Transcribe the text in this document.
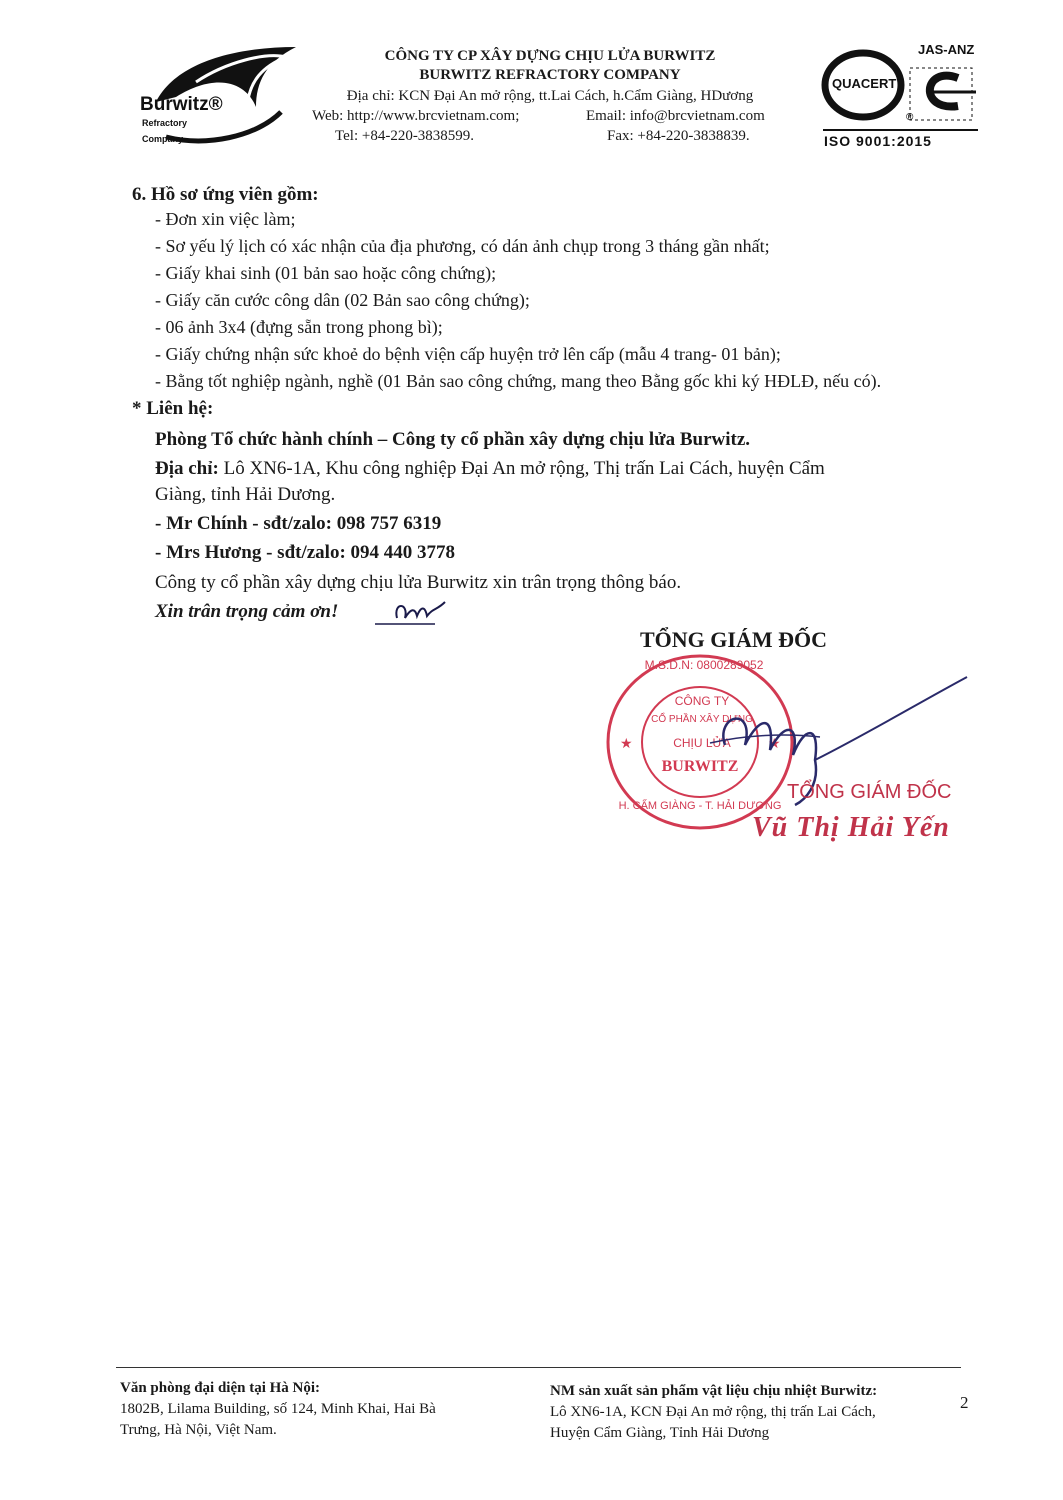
Burwitz®
Refractory
Company
CÔNG TY CP XÂY DỰNG CHỊU LỬA BURWITZ
BURWITZ REFRACTORY COMPANY
Địa chỉ: KCN Đại An mở rộng, tt.Lai Cách, h.Cẩm Giàng, HDương
Web: http://www.brcvietnam.com;	Email: info@brcvietnam.com
Tel: +84-220-3838599.	Fax: +84-220-3838839.
JAS-ANZ
QUACERT
®
ISO 9001:2015
6. Hồ sơ ứng viên gồm:
- Đơn xin việc làm;
- Sơ yếu lý lịch có xác nhận của địa phương, có dán ảnh chụp trong 3 tháng gần nhất;
- Giấy khai sinh (01 bản sao hoặc công chứng);
- Giấy căn cước công dân (02 Bản sao công chứng);
- 06 ảnh 3x4 (đựng sẵn trong phong bì);
- Giấy chứng nhận sức khoẻ do bệnh viện cấp huyện trở lên cấp (mẫu 4 trang- 01 bản);
- Bằng tốt nghiệp ngành, nghề (01 Bản sao công chứng, mang theo Bằng gốc khi ký HĐLĐ, nếu có).
* Liên hệ:
Phòng Tổ chức hành chính – Công ty cổ phần xây dựng chịu lửa Burwitz.
Địa chỉ: Lô XN6-1A, Khu công nghiệp Đại An mở rộng, Thị trấn Lai Cách, huyện Cẩm
Giàng, tỉnh Hải Dương.
- Mr Chính - sđt/zalo: 098 757 6319
- Mrs Hương - sđt/zalo: 094 440 3778
Công ty cổ phần xây dựng chịu lửa Burwitz xin trân trọng thông báo.
Xin trân trọng cảm ơn!
TỔNG GIÁM ĐỐC
★	★
M.S.D.N: 0800289052
CÔNG TY
CỔ PHẦN XÂY DỰNG
CHỊU LỬA
BURWITZ
H. CẨM GIÀNG - T. HẢI DƯƠNG
TỔNG GIÁM ĐỐC
Vũ Thị Hải Yến
Văn phòng đại diện tại Hà Nội:
1802B, Lilama Building, số 124, Minh Khai, Hai Bà
Trưng, Hà Nội, Việt Nam.
NM sản xuất sản phẩm vật liệu chịu nhiệt Burwitz:
Lô XN6-1A, KCN Đại An mở rộng, thị trấn Lai Cách,
Huyện Cẩm Giàng, Tỉnh Hải Dương
2
